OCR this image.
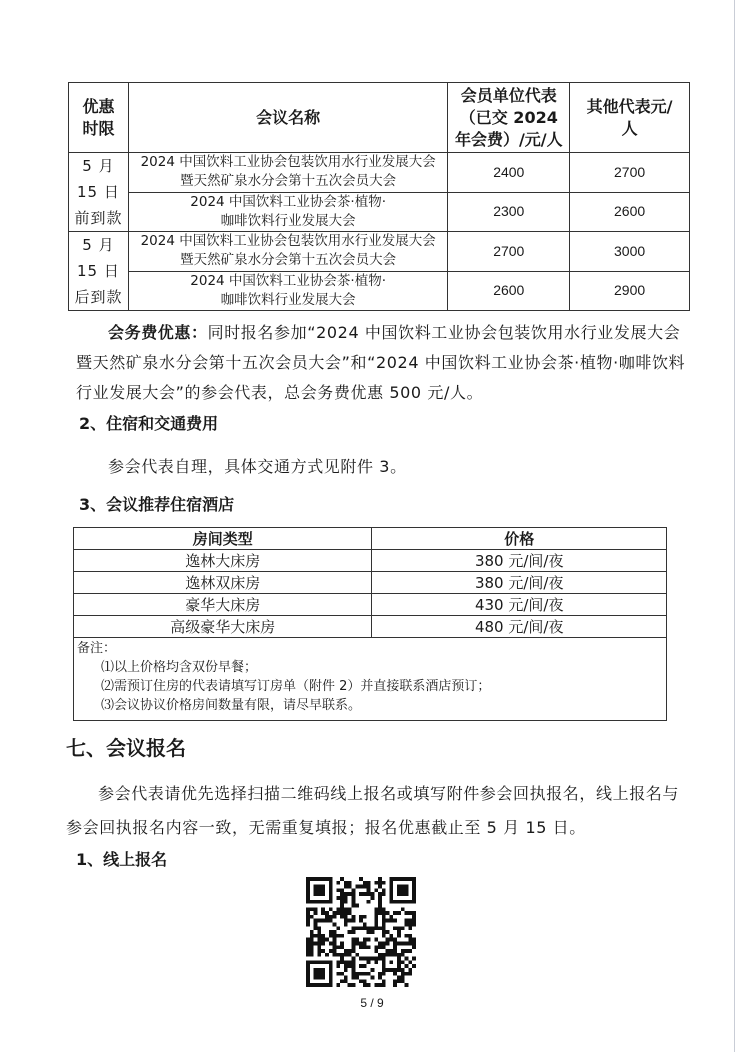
优惠
时限	会议名称	会员单位代表（已交 2024 年会费）/元/人	其他代表元/人
5 月 15 日前到款	2024 中国饮料工业协会包装饮用水行业发展大会暨天然矿泉水分会第十五次会员大会	2400	2700
	2024 中国饮料工业协会茶·植物·咖啡饮料行业发展大会	2300	2600
5 月 15 日后到款	2024 中国饮料工业协会包装饮用水行业发展大会暨天然矿泉水分会第十五次会员大会	2700	3000
	2024 中国饮料工业协会茶·植物·咖啡饮料行业发展大会	2600	2900
会务费优惠：同时报名参加“2024 中国饮料工业协会包装饮用水行业发展大会暨天然矿泉水分会第十五次会员大会”和“2024 中国饮料工业协会茶·植物·咖啡饮料行业发展大会”的参会代表，总会务费优惠 500 元/人。
2、住宿和交通费用
参会代表自理，具体交通方式见附件 3。
3、会议推荐住宿酒店
房间类型	价格
逸林大床房	380 元/间/夜
逸林双床房	380 元/间/夜
豪华大床房	430 元/间/夜
高级豪华大床房	480 元/间/夜

备注：
⑴以上价格均含双份早餐；
⑵需预订住房的代表请填写订房单（附件 2）并直接联系酒店预订；
⑶会议协议价格房间数量有限，请尽早联系。	
七、会议报名
参会代表请优先选择扫描二维码线上报名或填写附件参会回执报名，线上报名与参会回执报名内容一致，无需重复填报；报名优惠截止至 5 月 15 日。
1、线上报名
5 / 9
